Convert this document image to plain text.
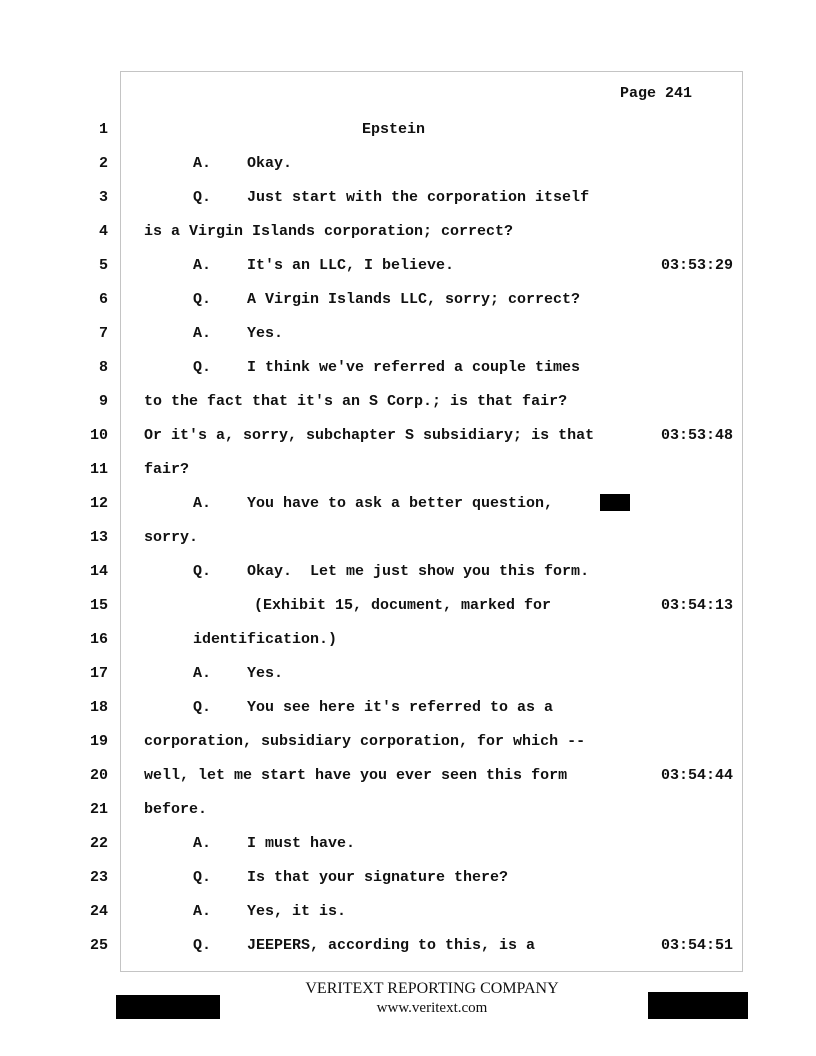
Page 241
1	Epstein
2	A.    Okay.
3	Q.    Just start with the corporation itself
4 is a Virgin Islands corporation; correct?
5	A.    It's an LLC, I believe.	03:53:29
6	Q.    A Virgin Islands LLC, sorry; correct?
7	A.    Yes.
8	Q.    I think we've referred a couple times
9 to the fact that it's an S Corp.; is that fair?
10 Or it's a, sorry, subchapter S subsidiary; is that	03:53:48
11 fair?
12	A.    You have to ask a better question,
13 sorry.
14	Q.    Okay.  Let me just show you this form.
15	(Exhibit 15, document, marked for	03:54:13
16	identification.)
17	A.    Yes.
18	Q.    You see here it's referred to as a
19 corporation, subsidiary corporation, for which --
20 well, let me start have you ever seen this form	03:54:44
21 before.
22	A.    I must have.
23	Q.    Is that your signature there?
24	A.    Yes, it is.
25	Q.    JEEPERS, according to this, is a	03:54:51
VERITEXT REPORTING COMPANY
www.veritext.com
